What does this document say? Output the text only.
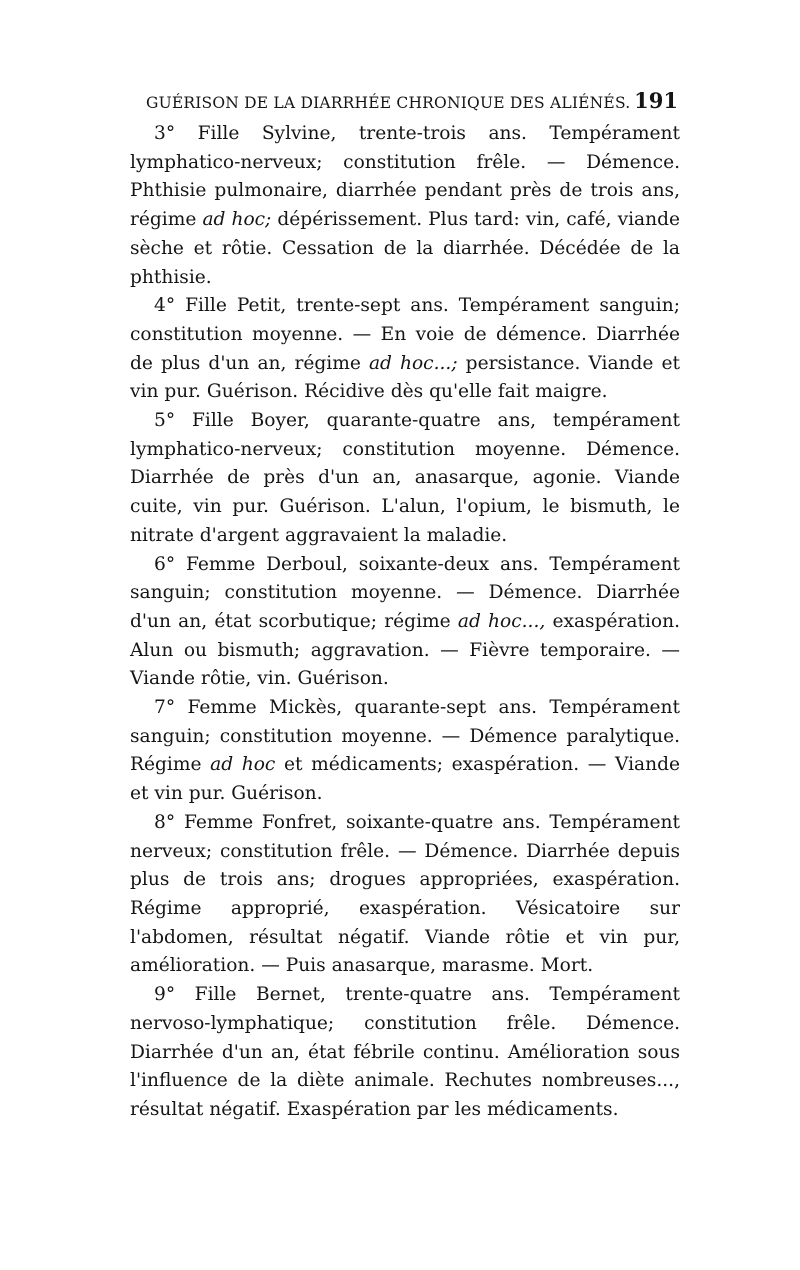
GUÉRISON DE LA DIARRHÉE CHRONIQUE DES ALIÉNÉS. 191

3° Fille Sylvine, trente-trois ans. Tempérament lymphatico-nerveux; constitution frêle. — Démence. Phthisie pulmonaire, diarrhée pendant près de trois ans, régime ad hoc; dépérissement. Plus tard: vin, café, viande sèche et rôtie. Cessation de la diarrhée. Décédée de la phthisie.

4° Fille Petit, trente-sept ans. Tempérament sanguin; constitution moyenne. — En voie de démence. Diarrhée de plus d'un an, régime ad hoc...; persistance. Viande et vin pur. Guérison. Récidive dès qu'elle fait maigre.

5° Fille Boyer, quarante-quatre ans, tempérament lymphatico-nerveux; constitution moyenne. Démence. Diarrhée de près d'un an, anasarque, agonie. Viande cuite, vin pur. Guérison. L'alun, l'opium, le bismuth, le nitrate d'argent aggravaient la maladie.

6° Femme Derboul, soixante-deux ans. Tempérament sanguin; constitution moyenne. — Démence. Diarrhée d'un an, état scorbutique; régime ad hoc..., exaspération. Alun ou bismuth; aggravation. — Fièvre temporaire. — Viande rôtie, vin. Guérison.

7° Femme Mickès, quarante-sept ans. Tempérament sanguin; constitution moyenne. — Démence paralytique. Régime ad hoc et médicaments; exaspération. — Viande et vin pur. Guérison.

8° Femme Fonfret, soixante-quatre ans. Tempérament nerveux; constitution frêle. — Démence. Diarrhée depuis plus de trois ans; drogues appropriées, exaspération. Régime approprié, exaspération. Vésicatoire sur l'abdomen, résultat négatif. Viande rôtie et vin pur, amélioration. — Puis anasarque, marasme. Mort.

9° Fille Bernet, trente-quatre ans. Tempérament nervoso-lymphatique; constitution frêle. Démence. Diarrhée d'un an, état fébrile continu. Amélioration sous l'influence de la diète animale. Rechutes nombreuses..., résultat négatif. Exaspération par les médicaments.
